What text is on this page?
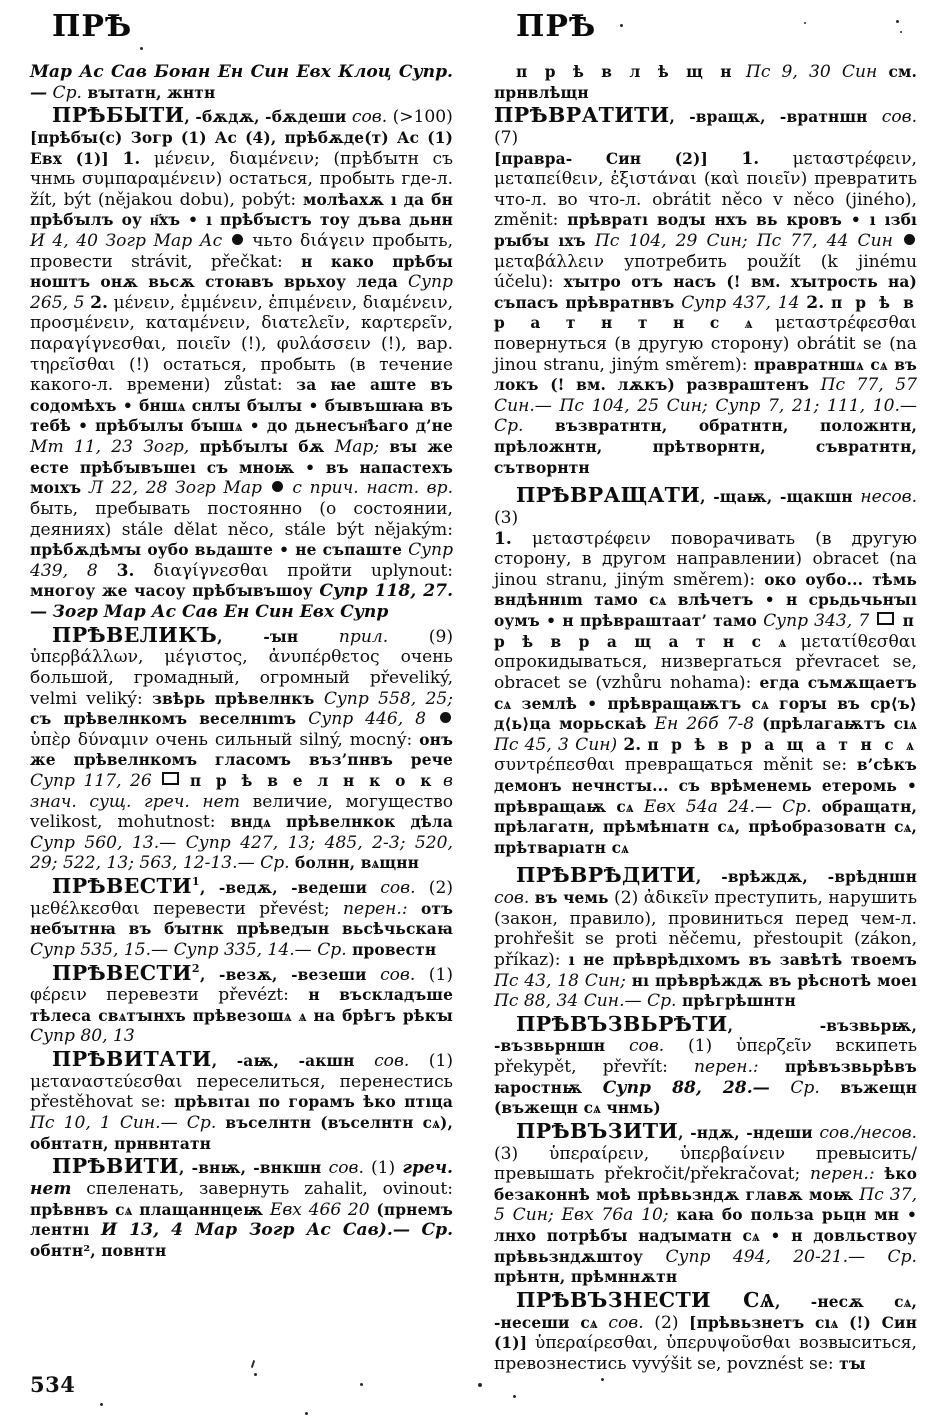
ПРѢ	ПРѢ

Мар Ас Сав Боꙗн Ен Син Евх Клоц Супр.— Ср. вꙑтатн, жнтн

ПРѢБЫТИ, -бѫдѫ, -бѫдеши сов. (>100)
[прѣбꙑ(с) Зогр (1) Ас (4), прѣбѫде(т) Ас (1) Евх (1)] 1. μένειν, διαμένειν; (прѣбꙑтн съ чнмь συμπαραμένειν) остаться, пробыть где-л. žít, být (nějakou dobu), pobýt: молѣахѫ ı да бн прѣбꙑлъ оу н҃хъ • ı прѣбꙑстъ тоу дъва дьнн И 4, 40 Зогр Мар Ас чьто διάγειν пробыть, провести strávit, přečkat: н како прѣбꙑ ноштъ онѫ вьсѫ стоꙗвъ врьхоу леда Супр 265, 5 2. μένειν, ἐμμένειν, ἐπιμένειν, διαμένειν, προσμένειν, καταμένειν, διατελεῖν, καρτερεῖν, παραγίγνεσθαι, ποιεῖν (!), φυλάσσειν (!), вар. τηρεῖσθαι (!) остаться, пробыть (в течение какого-л. времени) zůstat: за ꙗе аште въ содомѣхъ • бншѧ снлꙑ бꙑлꙑ • бꙑвъшꙗꙗ въ тебѣ • прѣбꙑлꙑ бꙑшѧ • до дьнесън҃ѣаго д’не Мт 11, 23 Зогр, прѣбꙑлꙑ бѫ Мар; вꙑ же есте прѣбꙑвъшеı съ мноѭ • въ напастехъ моıхъ Л 22, 28 Зогр Мар с прич. наст. вр. быть, пребывать постоянно (о состоянии, деяниях) stále dělat něco, stále být nějakým: прѣбѫдѣмꙑ оубо вьдаште • не съпаште Супр 439, 8 3. διαγίγνεσθαι пройти uplynout: многоу же часоу прѣбꙑвъшоу Супр 118, 27.— Зогр Мар Ас Сав Ен Син Евх Супр

ПРѢВЕЛИКЪ, -ꙑн прил. (9) ὑπερβάλλων, μέγιστος, ἀνυπέρθετος очень большой, громадный, огромный převeliký, velmi veliký: звѣрь прѣвелнкъ Супр 558, 25; съ прѣвелнкомъ веселнımъ Супр 446, 8  ὑπὲρ δύναμιν очень сильный silný, mocný: онъ же прѣвелнкомъ гласомъ въз’пнвъ рече Супр 117, 26 п р ѣ в е л н к о к в знач. сущ. греч. нет величие, могущество velikost, mohutnost: вндѧ прѣвелнкок дѣла Супр 560, 13.— Супр 427, 13; 485, 2-3; 520, 29; 522, 13; 563, 12-13.— Ср. болнн, вѧщнн

ПРѢВЕСТИ$^1$, -ведѫ, -ведеши сов. (2) μεθέλκεσθαι перевести převést; перен.: отъ небꙑтнꙗ въ бꙑтнк прѣведꙑн вьсѣчьскаꙗ Супр 535, 15.— Супр 335, 14.— Ср. провестн

ПРѢВЕСТИ$^2$, -везѫ, -везеши сов. (1) φέρειν перевезти převézt: н въскладъше тѣлеса свѧтꙑнхъ прѣвезошѧ ѧ на брѣгъ рѣкꙑ Супр 80, 13

ПРѢВИТАТИ, -аѭ, -акшн сов. (1) μεταναστεύεσθαι переселиться, перенестись přestěhovat se: прѣвıтаı по горамъ ѣко птıца Пс 10, 1 Син.— Ср. въселнтн (въселнтн сѧ), обнтатн, прнвнтатн

ПРѢВИТИ, -внѭ, -внкшн сов. (1) греч. нет спеленать, завернуть zahalit, ovinout: прѣвнвъ сѧ плащаннцеѭ Евх 466 20 (прнемъ лентнı И 13, 4 Мар Зогр Ас Сав).— Ср. обнтн², повнтн

п р ѣ в л ѣ щ н Пс 9, 30 Син см. прнвлѣщн

ПРѢВРАТИТИ, -вращѫ, -вратншн сов. (7)
[правра- Син (2)] 1. μεταστρέφειν, μεταπείθειν, ἐξιστάναι (καὶ ποιεῖν) превратить что-л. во что-л. obrátit něco v něco (jiného), změnit: прѣвратı водꙑ нхъ вь кровъ • ı ıзбı рꙑбꙑ ıхъ Пс 104, 29 Син; Пс 77, 44 Син  μεταβάλλειν употребить použít (k jinému účelu): хꙑтро отъ насъ (! вм. хꙑтрость на) съпасъ прѣвратнвъ Супр 437, 14 2. п р ѣ в р а т н т н с ѧ μεταστρέφεσθαι повернуться (в другую сторону) obrátit se (na jinou stranu, jiným směrem): правратншѧ сѧ въ локъ (! вм. лѫкъ) развраштенъ Пс 77, 57 Син.— Пс 104, 25 Син; Супр 7, 21; 111, 10.— Ср. възвратнтн, обратнтн, положнтн, прѣложнтн, прѣтворнтн, съвратнтн, сътворнтн

ПРѢВРАЩАТИ, -щаѭ, -щакшн несов. (3)
1. μεταστρέφειν поворачивать (в другую сторону, в другом направлении) obracet (na jinou stranu, jiným směrem): око оубо... тѣмь вндѣннım тамо сѧ влѣчетъ • н срьдьчьнꙑı оумъ • н прѣвраштаат’ тамо Супр 343, 7 п р ѣ в р а щ а т н с ѧ μετατίθεσθαι опрокидываться, низвергаться převracet se, obracet se (vzhůru nohama): егда съмѫщаетъ сѧ землѣ • прѣвращаѭтъ сѧ горꙑ въ ср⟨ъ⟩д⟨ь⟩ца морьскаѣ Ен 26б 7-8 (прѣлагаѭтъ сıѧ Пс 45, 3 Син) 2. п р ѣ в р а щ а т н с ѧ συντρέπεσθαι превращаться měnit se: в’сѣкъ демонъ нечнстꙑ... съ врѣменемь етеромь • прѣвращаѭ сѧ Евх 54а 24.— Ср. обращатн, прѣлагатн, прѣмѣнıатн сѧ, прѣобразоватн сѧ, прѣтварıатн сѧ

ПРѢВРѢДИТИ, -врѣждѫ, -врѣдншн сов. въ чемь (2) ἀδικεῖν преступить, нарушить (закон, правило), провиниться перед чем-л. prohřešit se proti něčemu, přestoupit (zákon, příkaz): ı не прѣврѣдıхомъ въ завѣтѣ твоемъ Пс 43, 18 Син; нı прѣврѣждѫ въ рѣснотѣ моеı Пс 88, 34 Син.— Ср. прѣгрѣшнтн

ПРѢВЪЗВЬРѢТИ, -възвьрѭ, -възвьрншн сов. (1) ὑπερζεῖν вскипеть překypět, převřít: перен.: прѣвъзвьрѣвъ ꙗростнѭ Супр 88, 28.— Ср. въжещн (въжещн сѧ чнмь)

ПРѢВЪЗИТИ, -ндѫ, -ндеши сов./несов. (3) ὑπεραίρειν, ὑπερβαίνειν превысить/превышать překročit/překračovat; перен.: ѣко безаконнѣ моѣ прѣвьзндѫ главѫ моѭ Пс 37, 5 Син; Евх 76а 10; каꙗ бо польза рьцн мн • лнхо потрѣбꙑ надꙑматн сѧ • н довльствоу прѣвьзндѫштоу Супр 494, 20-21.— Ср. прѣнтн, прѣмннѫтн

ПРѢВЪЗНЕСТИ СѦ, -несѫ сѧ, -несеши сѧ сов. (2) [прѣвьзнетъ сıѧ (!) Син (1)] ὑπεραίρεσθαι, ὑπερυψοῦσθαι возвыситься, превознестись vyvýšit se, povznést se: тꙑ

534
